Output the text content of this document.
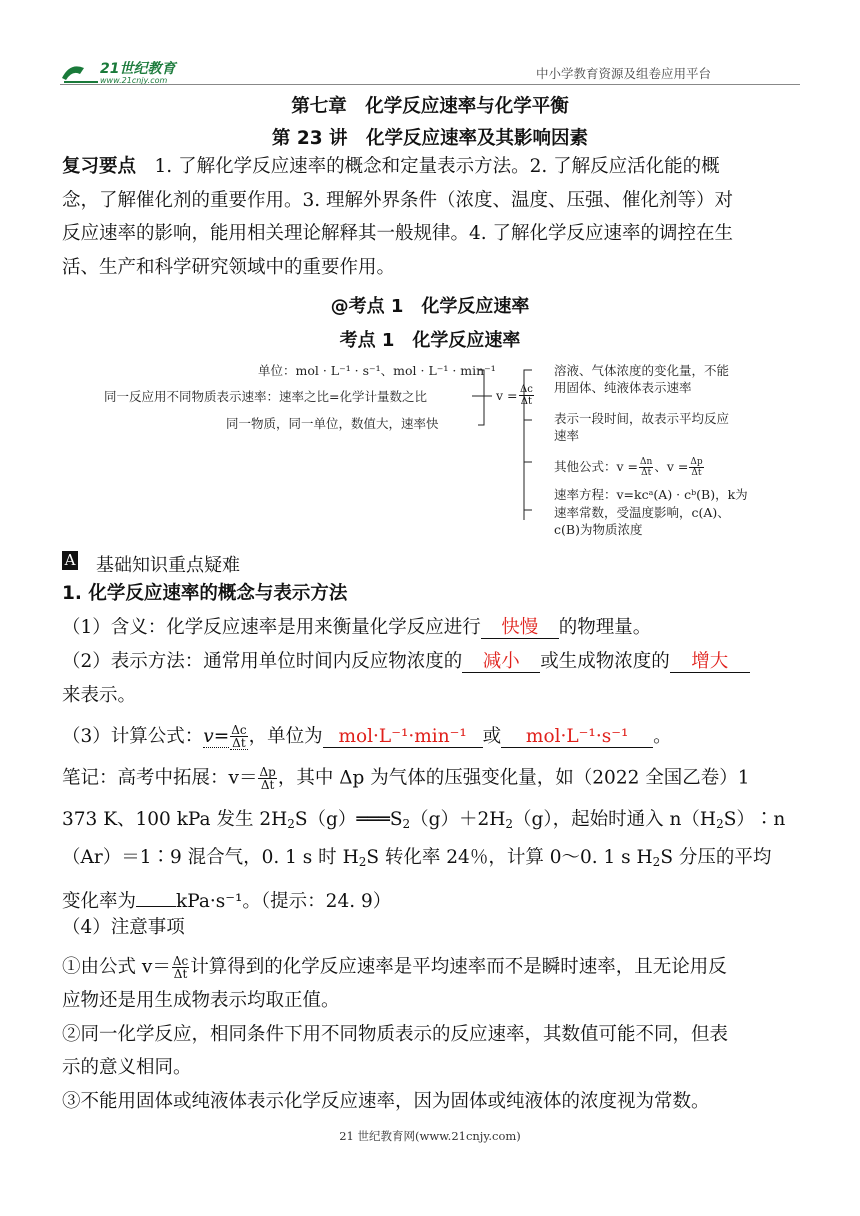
21世纪教育
www.21cnjy.com	中小学教育资源及组卷应用平台
第七章　化学反应速率与化学平衡
第 23 讲　化学反应速率及其影响因素
复习要点　 1. 了解化学反应速率的概念和定量表示方法。2. 了解反应活化能的概
念，了解催化剂的重要作用。3. 理解外界条件（浓度、温度、压强、催化剂等）对
反应速率的影响，能用相关理论解释其一般规律。4. 了解化学反应速率的调控在生
活、生产和科学研究领域中的重要作用。
@考点 1　化学反应速率
考点 1　化学反应速率
单位：mol · L⁻¹ · s⁻¹、mol · L⁻¹ · min⁻¹
同一反应用不同物质表示速率：速率之比=化学计量数之比
同一物质，同一单位，数值大，速率快
$v = \frac{\Delta c}{\Delta t}$
溶液、气体浓度的变化量，不能
用固体、纯液体表示速率
表示一段时间，故表示平均反应
速率
其他公式：$v = \frac{\Delta n}{\Delta t}$ 、$v = \frac{\Delta p}{\Delta t}$
速率方程：v=kcᵃ(A) · cᵇ(B)，k为
速率常数，受温度影响，c(A)、
c(B)为物质浓度
A 基础知识重点疑难
1. 化学反应速率的概念与表示方法
（1）含义：化学反应速率是用来衡量化学反应进行 快慢 的物理量。
（2）表示方法：通常用单位时间内反应物浓度的 减小 或生成物浓度的 增大
来表示。
（3）计算公式：$v= \frac{\Delta c}{\Delta t}$ ，单位为 mol·L⁻¹·min⁻¹ 或 mol·L⁻¹·s⁻¹ 。
笔记：高考中拓展：$v= \frac{\Delta p}{\Delta t}$ ，其中 Δp 为气体的压强变化量，如（2022 全国乙卷）1
373 K、100 kPa 发生 $2H_2S(g)═══S_2(g)+2H_2(g)$，起始时通入 $n(H_2S)∶n$
（Ar）＝1∶9 混合气，0. 1 s 时 $H_2S$ 转化率 24％，计算 0～0. 1 s $H_2S$ 分压的平均
变化率为 kPa·s⁻¹。（提示：24. 9）
（4）注意事项
①由公式 $v= \frac{\Delta c}{\Delta t}$ 计算得到的化学反应速率是平均速率而不是瞬时速率，且无论用反
应物还是用生成物表示均取正值。
②同一化学反应，相同条件下用不同物质表示的反应速率，其数值可能不同，但表
示的意义相同。
③不能用固体或纯液体表示化学反应速率，因为固体或纯液体的浓度视为常数。
21 世纪教育网(www.21cnjy.com)
